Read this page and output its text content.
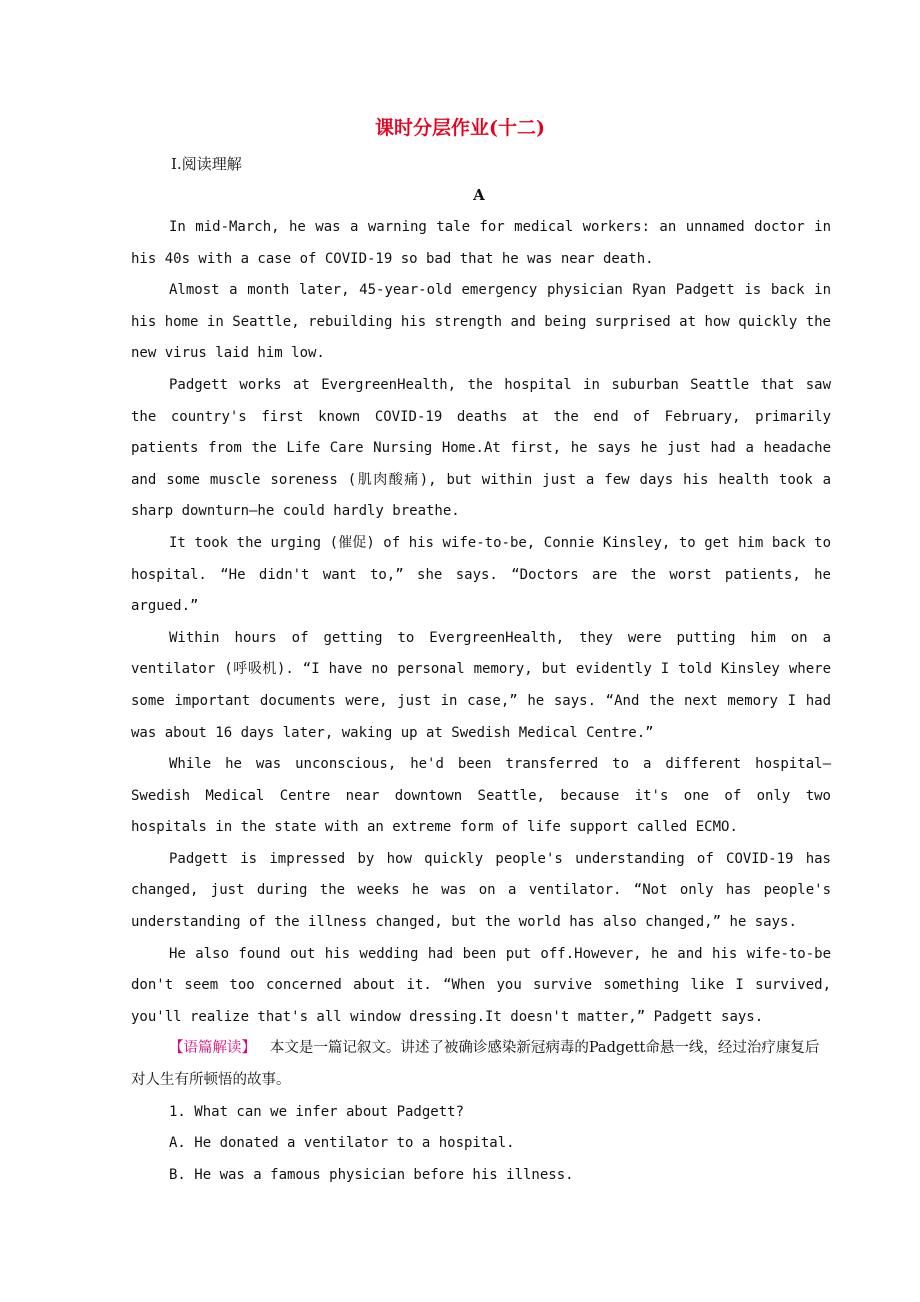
课时分层作业(十二)
Ⅰ.阅读理解
A

In mid-March, he was a warning tale for medical workers: an unnamed doctor in his 40s with a case of COVID-19 so bad that he was near death.

Almost a month later, 45-year-old emergency physician Ryan Padgett is back in his home in Seattle, rebuilding his strength and being surprised at how quickly the new virus laid him low.

Padgett works at EvergreenHealth, the hospital in suburban Seattle that saw the country's first known COVID-19 deaths at the end of February, primarily patients from the Life Care Nursing Home.At first, he says he just had a headache and some muscle soreness (肌肉酸痛), but within just a few days his health took a sharp downturn—he could hardly breathe.

It took the urging (催促) of his wife-to-be, Connie Kinsley, to get him back to hospital. “He didn't want to,” she says. “Doctors are the worst patients, he argued.”

Within hours of getting to EvergreenHealth, they were putting him on a ventilator (呼吸机). “I have no personal memory, but evidently I told Kinsley where some important documents were, just in case,” he says. “And the next memory I had was about 16 days later, waking up at Swedish Medical Centre.”

While he was unconscious, he'd been transferred to a different hospital—Swedish Medical Centre near downtown Seattle, because it's one of only two hospitals in the state with an extreme form of life support called ECMO.

Padgett is impressed by how quickly people's understanding of COVID-19 has changed, just during the weeks he was on a ventilator. “Not only has people's understanding of the illness changed, but the world has also changed,” he says.

He also found out his wedding had been put off.However, he and his wife-to-be don't seem too concerned about it. “When you survive something like I survived, you'll realize that's all window dressing.It doesn't matter,” Padgett says.

【语篇解读】 本文是一篇记叙文。讲述了被确诊感染新冠病毒的Padgett命悬一线，经过治疗康复后对人生有所顿悟的故事。

1. What can we infer about Padgett?

A. He donated a ventilator to a hospital.

B. He was a famous physician before his illness.
